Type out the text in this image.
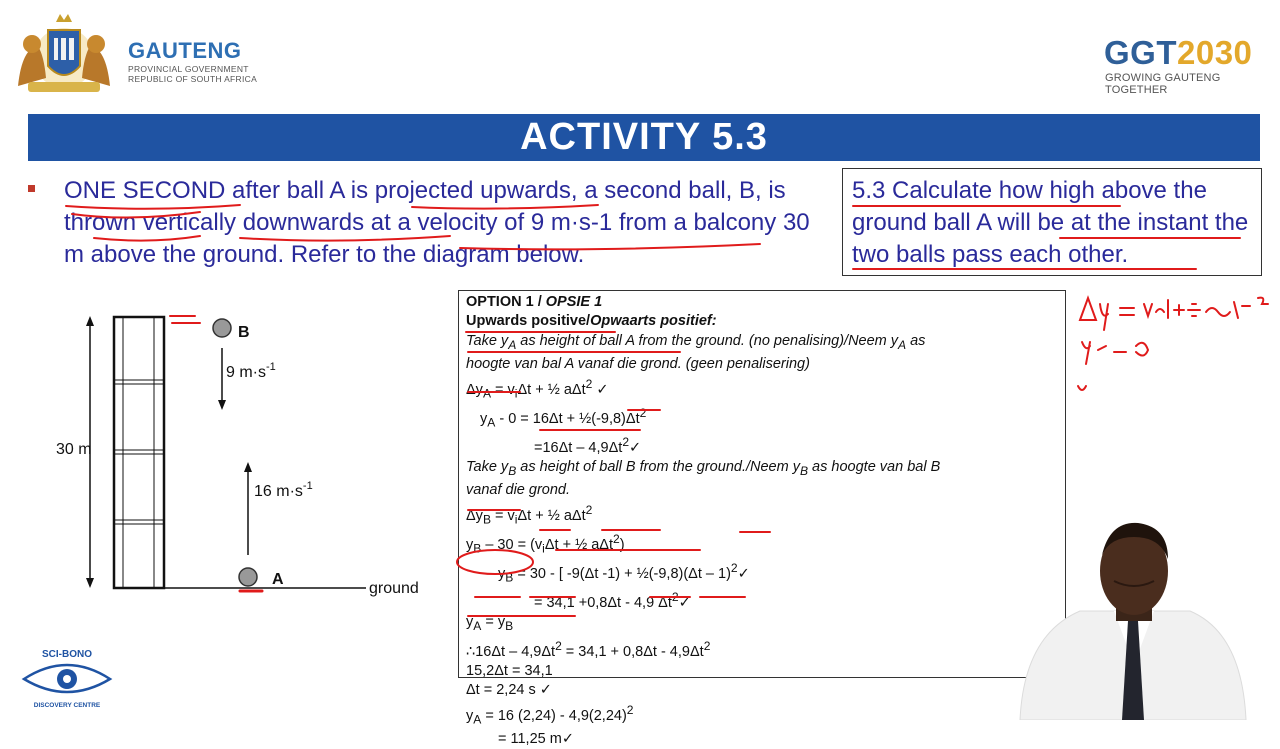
GAUTENG
PROVINCIAL GOVERNMENT
REPUBLIC OF SOUTH AFRICA
GGT2030
GROWING GAUTENG TOGETHER
ACTIVITY 5.3
ONE SECOND after ball A is projected upwards, a second ball, B, is thrown vertically downwards at a velocity of 9 m·s-1 from a balcony 30 m above the ground. Refer to the diagram below.
5.3 Calculate how high above the ground ball A will be at the instant the two balls pass each other.
30 m
ground
B
9 $m\cdot s^{-1}$
A
16 $m\cdot s^{-1}$
OPTION 1 / OPSIE 1
Upwards positive/Opwaarts positief:
Take $y_A$ as height of ball A from the ground. (no penalising)/Neem $y_A$ as
hoogte van bal A vanaf die grond. (geen penalisering)
$\Delta y_A = v_i\Delta t$ + ½ aΔt$^2$ ✓
$y_A - 0 = 16\Delta t$ + $\frac{1}{2}(-9,8)\Delta t^2$
$=16\Delta t - 4,9\Delta t^2✓$
Take $y_B$ as height of ball B from the ground./Neem $y_B$ as hoogte van bal B
vanaf die grond.
$\Delta y_B = v_i\Delta t$ + ½ aΔt$^2$
$y_B - 30 = (v_i\Delta t$ + ½ aΔt$^2$)
$y_B = 30$ - [ -9(Δt -1) + ½(-9,8)(Δt – 1)$^2$✓
= 34,1 +0,8Δt - 4,9 $\Delta t^2✓$
$y_A = y_B$
∴16Δt – $4,9\Delta t^2 = 34,1 + 0,8\Delta t - 4,9\Delta t^2$
15,2Δt = 34,1
Δt = 2,24 s ✓
$y_A = 16$ $(2,24) - 4,9(2,24)^2$
= 11,25 m✓
SCI-BONO
DISCOVERY CENTRE
